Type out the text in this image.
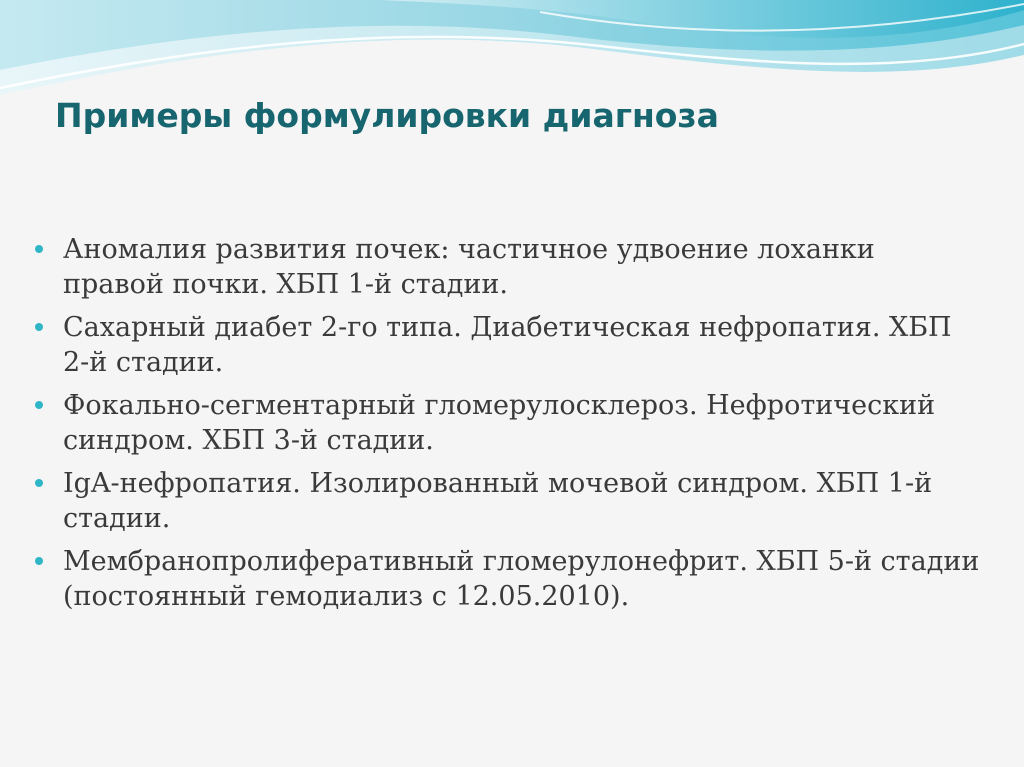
Примеры формулировки диагноза
Аномалия развития почек: частичное удвоение лоханки правой почки. ХБП 1-й стадии.
Сахарный диабет 2-го типа. Диабетическая нефропатия. ХБП 2-й стадии.
Фокально-сегментарный гломерулосклероз. Нефротический синдром. ХБП 3-й стадии.
IgA-нефропатия. Изолированный мочевой синдром. ХБП 1-й стадии.
Мембранопролиферативный гломерулонефрит. ХБП 5-й стадии (постоянный гемодиализ с 12.05.2010).
